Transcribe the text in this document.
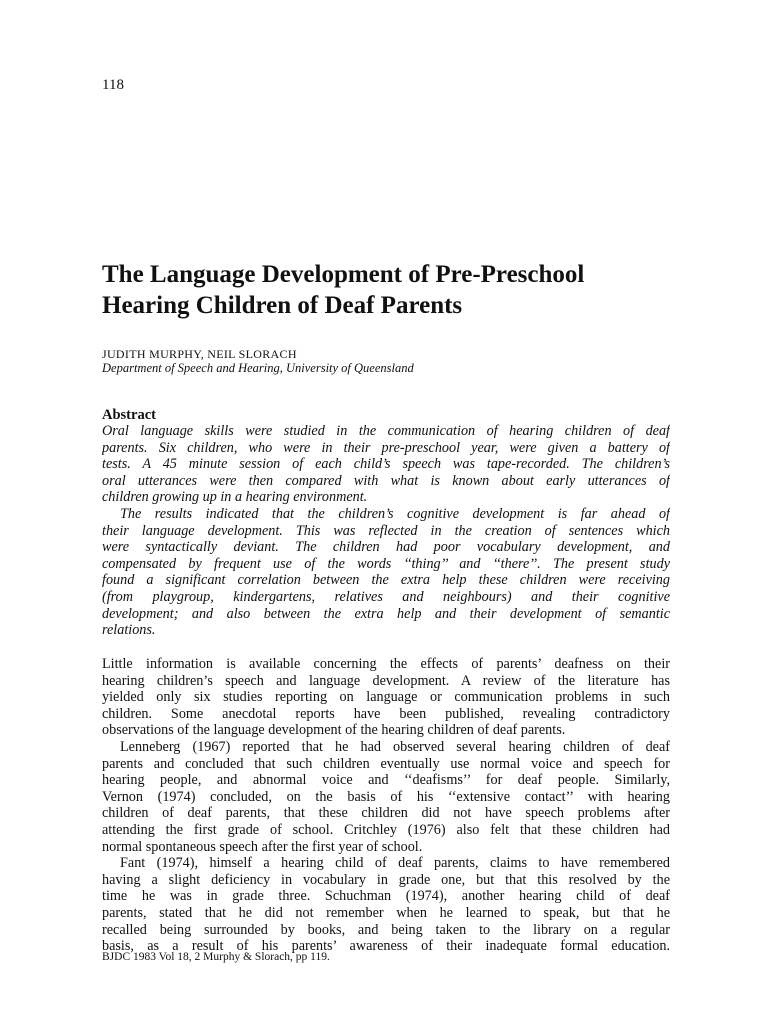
118
The Language Development of Pre-Preschool
Hearing Children of Deaf Parents
JUDITH MURPHY, NEIL SLORACH
Department of Speech and Hearing, University of Queensland
Abstract
Oral language skills were studied in the communication of hearing children of deaf
parents. Six children, who were in their pre-preschool year, were given a battery of
tests. A 45 minute session of each child’s speech was tape-recorded. The children’s
oral utterances were then compared with what is known about early utterances of
children growing up in a hearing environment.
The results indicated that the children’s cognitive development is far ahead of
their language development. This was reflected in the creation of sentences which
were syntactically deviant. The children had poor vocabulary development, and
compensated by frequent use of the words ‘‘thing’’ and ‘‘there’’. The present study
found a significant correlation between the extra help these children were receiving
(from playgroup, kindergartens, relatives and neighbours) and their cognitive
development; and also between the extra help and their development of semantic
relations.
Little information is available concerning the effects of parents’ deafness on their
hearing children’s speech and language development. A review of the literature has
yielded only six studies reporting on language or communication problems in such
children. Some anecdotal reports have been published, revealing contradictory
observations of the language development of the hearing children of deaf parents.
Lenneberg (1967) reported that he had observed several hearing children of deaf
parents and concluded that such children eventually use normal voice and speech for
hearing people, and abnormal voice and ‘‘deafisms’’ for deaf people. Similarly,
Vernon (1974) concluded, on the basis of his ‘‘extensive contact’’ with hearing
children of deaf parents, that these children did not have speech problems after
attending the first grade of school. Critchley (1976) also felt that these children had
normal spontaneous speech after the first year of school.
Fant (1974), himself a hearing child of deaf parents, claims to have remembered
having a slight deficiency in vocabulary in grade one, but that this resolved by the
time he was in grade three. Schuchman (1974), another hearing child of deaf
parents, stated that he did not remember when he learned to speak, but that he
recalled being surrounded by books, and being taken to the library on a regular
basis, as a result of his parents’ awareness of their inadequate formal education.
BJDC 1983 Vol 18, 2 Murphy & Slorach, pp 119.
